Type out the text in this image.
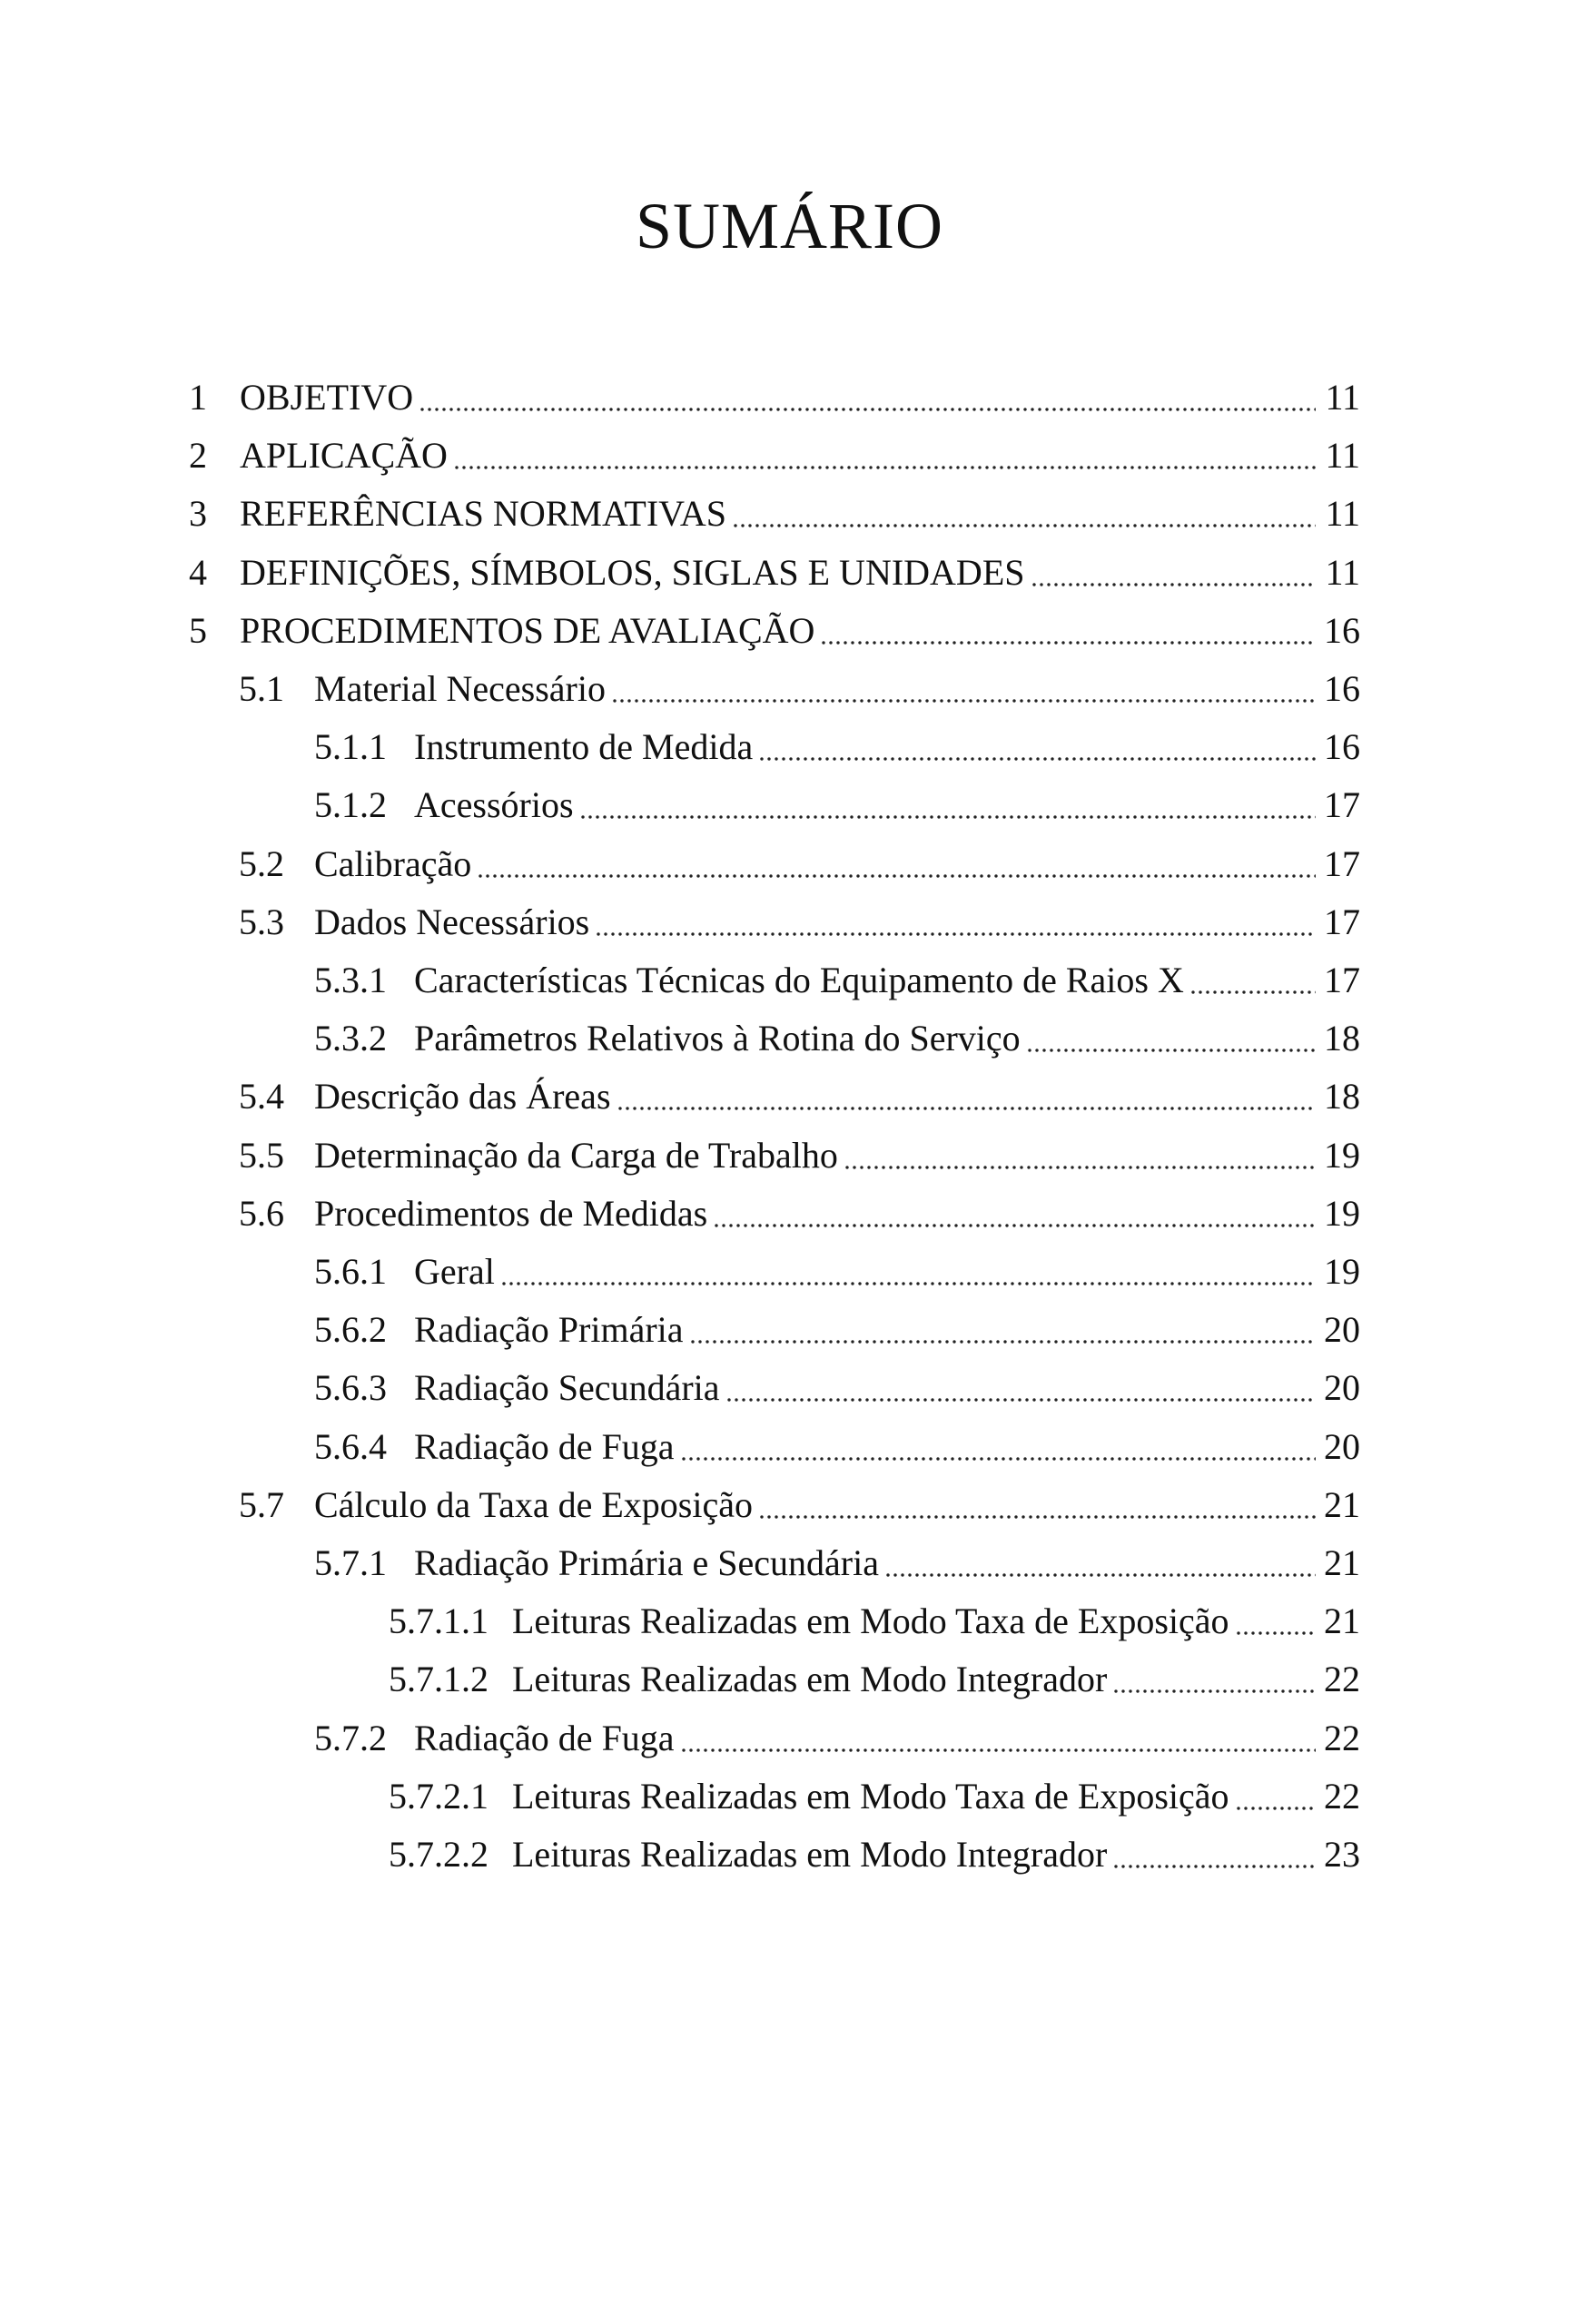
SUMÁRIO
1 OBJETIVO	11
2 APLICAÇÃO	11
3 REFERÊNCIAS NORMATIVAS	11
4 DEFINIÇÕES, SÍMBOLOS, SIGLAS E UNIDADES	11
5 PROCEDIMENTOS DE AVALIAÇÃO	16
5.1 Material Necessário	16
5.1.1 Instrumento de Medida	16
5.1.2 Acessórios	17
5.2 Calibração	17
5.3 Dados Necessários	17
5.3.1 Características Técnicas do Equipamento de Raios X	17
5.3.2 Parâmetros Relativos à Rotina do Serviço	18
5.4 Descrição das Áreas	18
5.5 Determinação da Carga de Trabalho	19
5.6 Procedimentos de Medidas	19
5.6.1 Geral	19
5.6.2 Radiação Primária	20
5.6.3 Radiação Secundária	20
5.6.4 Radiação de Fuga	20
5.7 Cálculo da Taxa de Exposição	21
5.7.1 Radiação Primária e Secundária	21
5.7.1.1 Leituras Realizadas em Modo Taxa de Exposição	21
5.7.1.2 Leituras Realizadas em Modo Integrador	22
5.7.2 Radiação de Fuga	22
5.7.2.1 Leituras Realizadas em Modo Taxa de Exposição	22
5.7.2.2 Leituras Realizadas em Modo Integrador	23
